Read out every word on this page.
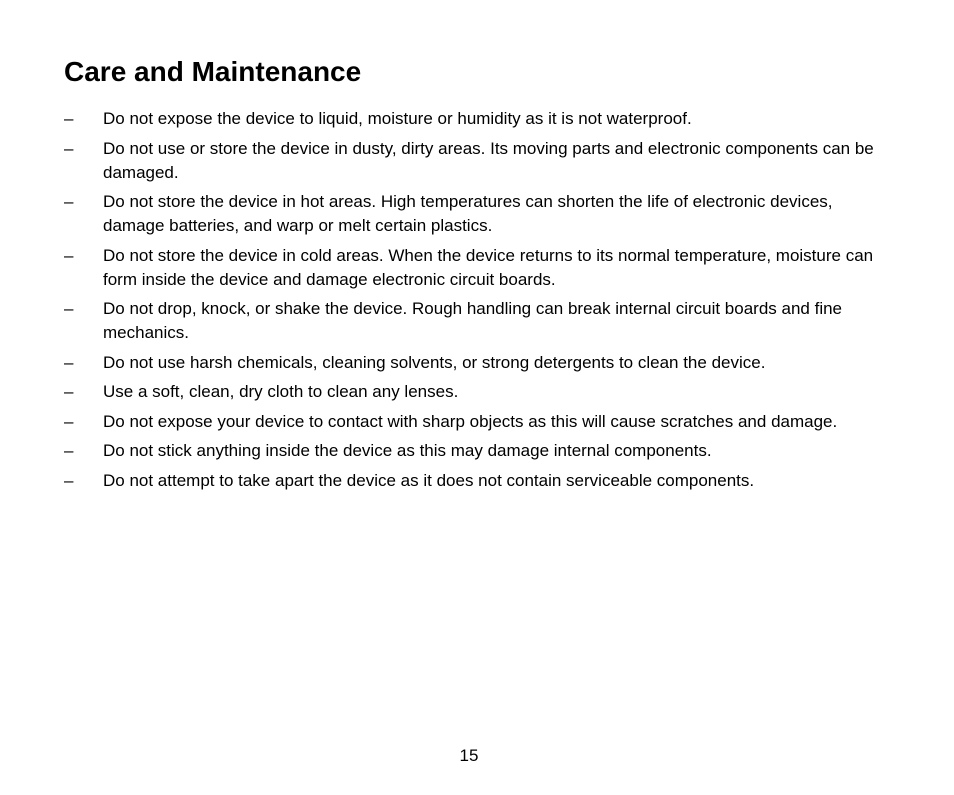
Care and Maintenance
– Do not expose the device to liquid, moisture or humidity as it is not waterproof.
– Do not use or store the device in dusty, dirty areas. Its moving parts and electronic components can be damaged.
– Do not store the device in hot areas. High temperatures can shorten the life of electronic devices, damage batteries, and warp or melt certain plastics.
– Do not store the device in cold areas. When the device returns to its normal temperature, moisture can form inside the device and damage electronic circuit boards.
– Do not drop, knock, or shake the device. Rough handling can break internal circuit boards and fine mechanics.
– Do not use harsh chemicals, cleaning solvents, or strong detergents to clean the device.
– Use a soft, clean, dry cloth to clean any lenses.
– Do not expose your device to contact with sharp objects as this will cause scratches and damage.
– Do not stick anything inside the device as this may damage internal components.
– Do not attempt to take apart the device as it does not contain serviceable components.
15
